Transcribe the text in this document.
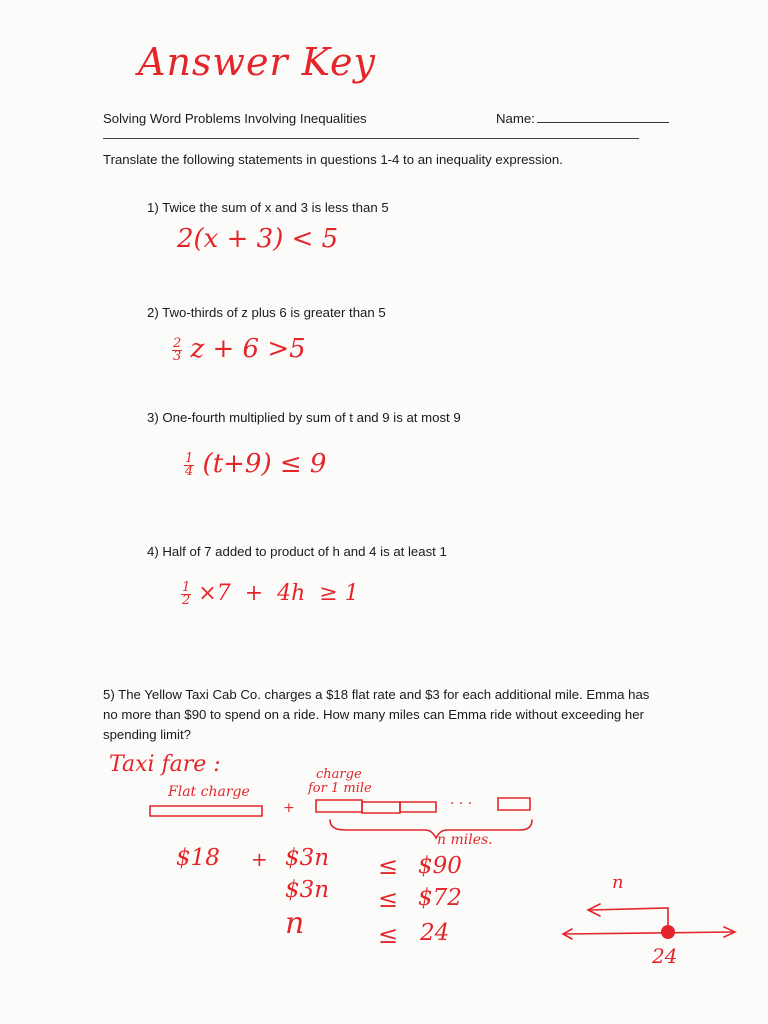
Answer Key
Solving Word Problems Involving Inequalities	Name:
Translate the following statements in questions 1-4 to an inequality expression.
1) Twice the sum of x and 3 is less than 5
2(x + 3) < 5
2) Two-thirds of z plus 6 is greater than 5
$\frac{2}{3}$ z + 6 >5
3) One-fourth multiplied by sum of t and 9 is at most 9
$\frac{1}{4} (t+9) \le 9$
4) Half of 7 added to product of h and 4 is at least 1
$\frac{1}{2} \times 7 + 4h \ge 1$
5) The Yellow Taxi Cab Co. charges a $18 flat rate and $3 for each additional mile. Emma has no more than $90 to spend on a ride. How many miles can Emma ride without exceeding her spending limit?
Taxi fare :
Flat charge
charge
for 1 mile
+	· · ·
n miles.
$18 + $3n ≤ $90
$3n ≤ $72
n	≤ 24
n
24
